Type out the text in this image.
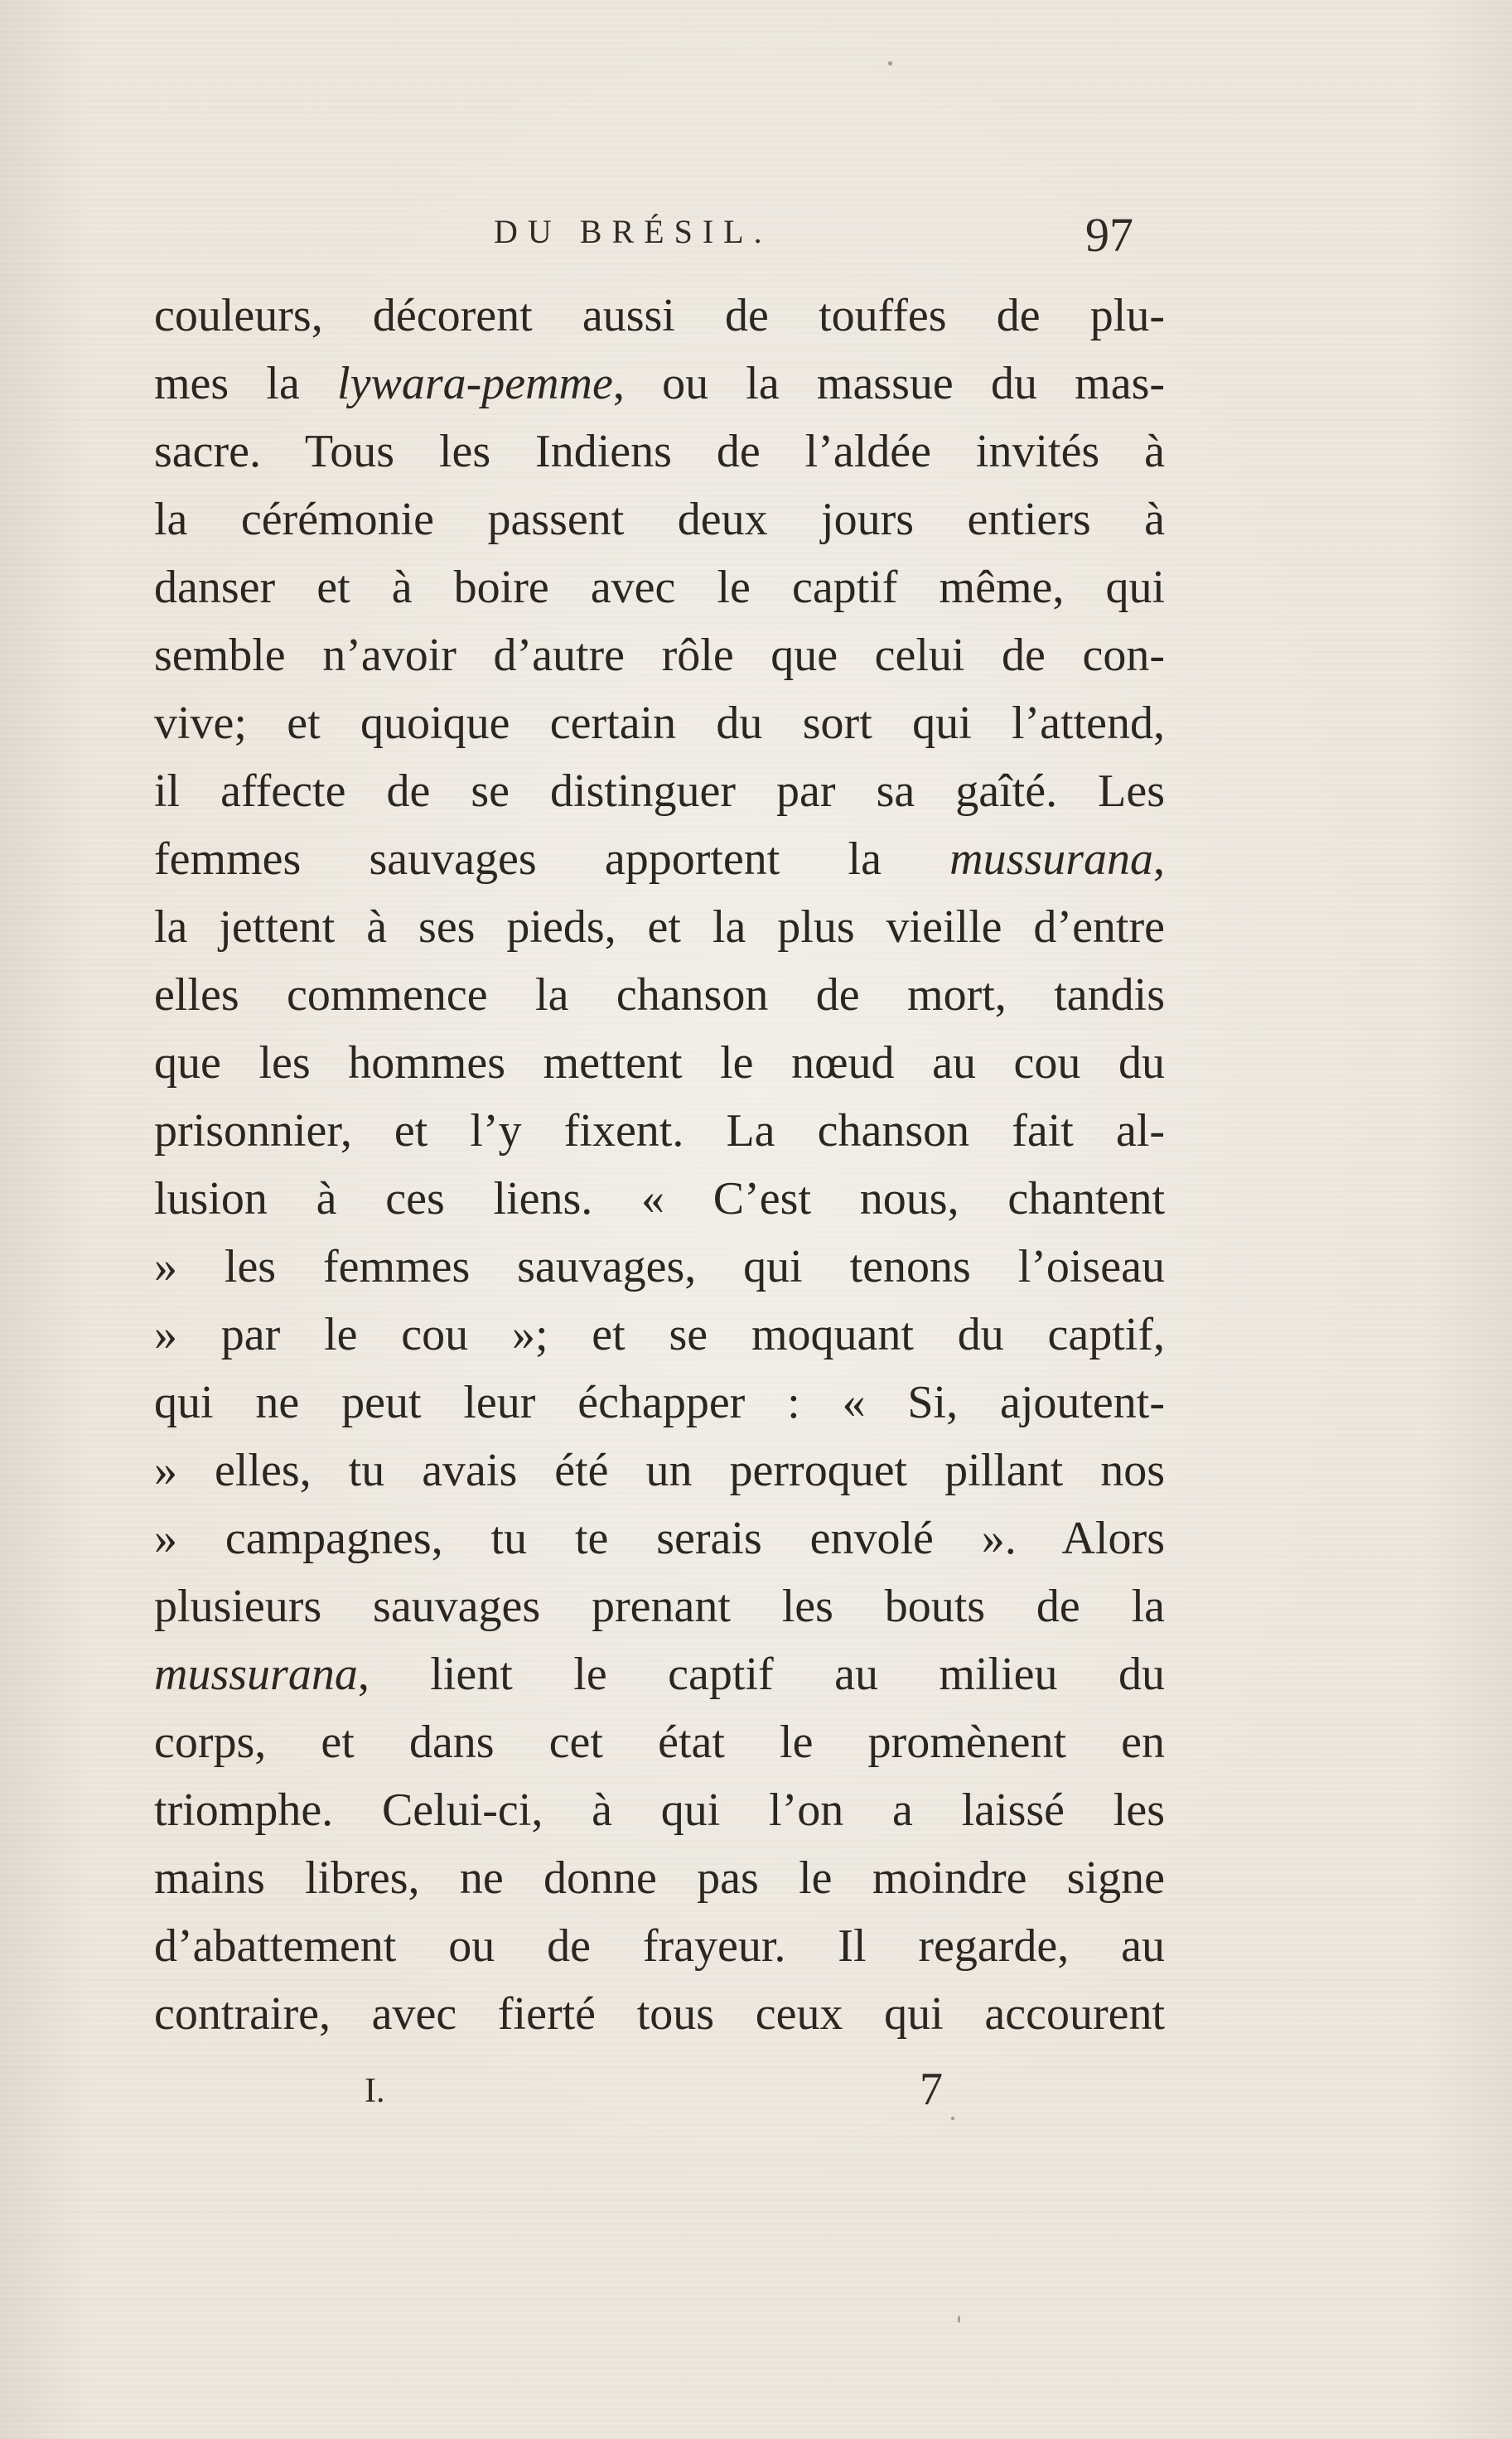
DU BRÉSIL.	97
couleurs, décorent aussi de touffes de plu-
mes la lywara-pemme, ou la massue du mas-
sacre. Tous les Indiens de l’aldée invités à
la cérémonie passent deux jours entiers à
danser et à boire avec le captif même, qui
semble n’avoir d’autre rôle que celui de con-
vive; et quoique certain du sort qui l’attend,
il affecte de se distinguer par sa gaîté. Les
femmes sauvages apportent la mussurana,
la jettent à ses pieds, et la plus vieille d’entre
elles commence la chanson de mort, tandis
que les hommes mettent le nœud au cou du
prisonnier, et l’y fixent. La chanson fait al-
lusion à ces liens. « C’est nous, chantent
» les femmes sauvages, qui tenons l’oiseau
» par le cou »; et se moquant du captif,
qui ne peut leur échapper : « Si, ajoutent-
» elles, tu avais été un perroquet pillant nos
» campagnes, tu te serais envolé ». Alors
plusieurs sauvages prenant les bouts de la
mussurana, lient le captif au milieu du
corps, et dans cet état le promènent en
triomphe. Celui-ci, à qui l’on a laissé les
mains libres, ne donne pas le moindre signe
d’abattement ou de frayeur. Il regarde, au
contraire, avec fierté tous ceux qui accourent
I.	7
